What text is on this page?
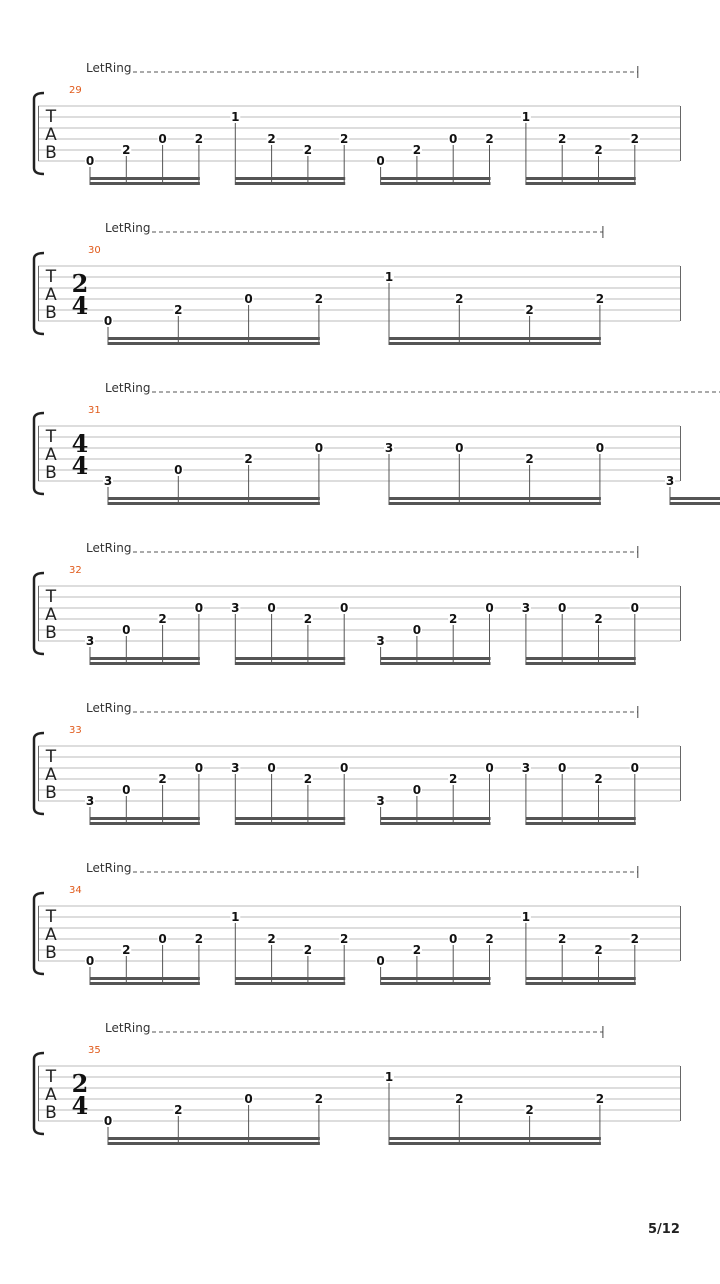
T
A
B
29
0
2
0 2
1
2
2
2
0
2
0 2
1
2
2
2
LetRing
T
A
B
2
4
30
0
2
0	2
1
2
2
2
LetRing
T
A
B
4
4
31
3
0
2
0	3	0
2
0
3
LetRing
T
A
B
32
3
0
2
0 3 0
2
0
3
0
2
0 3 0
2
0
LetRing
T
A
B
33
3
0
2
0 3 0
2
0
3
0
2
0 3 0
2
0
LetRing
T
A
B
34
0
2
0 2
1
2
2
2
0
2
0 2
1
2
2
2
LetRing
T
A
B
2
4
35
0
2
0	2
1
2
2
2
LetRing
5/12
